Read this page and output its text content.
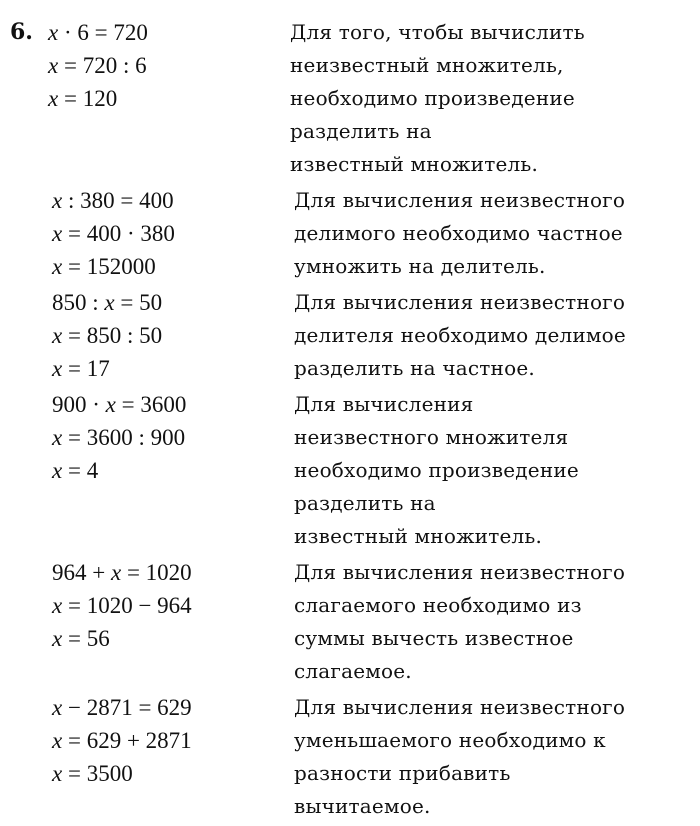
6. x · 6 = 720
x = 720 : 6
x = 120
Для того, чтобы вычислить
неизвестный множитель,
необходимо произведение
разделить на
известный множитель.
x : 380 = 400
x = 400 · 380
x = 152000
Для вычисления неизвестного
делимого необходимо частное
умножить на делитель.
850 : x = 50
x = 850 : 50
x = 17
Для вычисления неизвестного
делителя необходимо делимое
разделить на частное.
900 · x = 3600
x = 3600 : 900
x = 4
Для вычисления
неизвестного множителя
необходимо произведение
разделить на
известный множитель.
964 + x = 1020
x = 1020 − 964
x = 56
Для вычисления неизвестного
слагаемого необходимо из
суммы вычесть известное
слагаемое.
x − 2871 = 629
x = 629 + 2871
x = 3500
Для вычисления неизвестного
уменьшаемого необходимо к
разности прибавить
вычитаемое.
